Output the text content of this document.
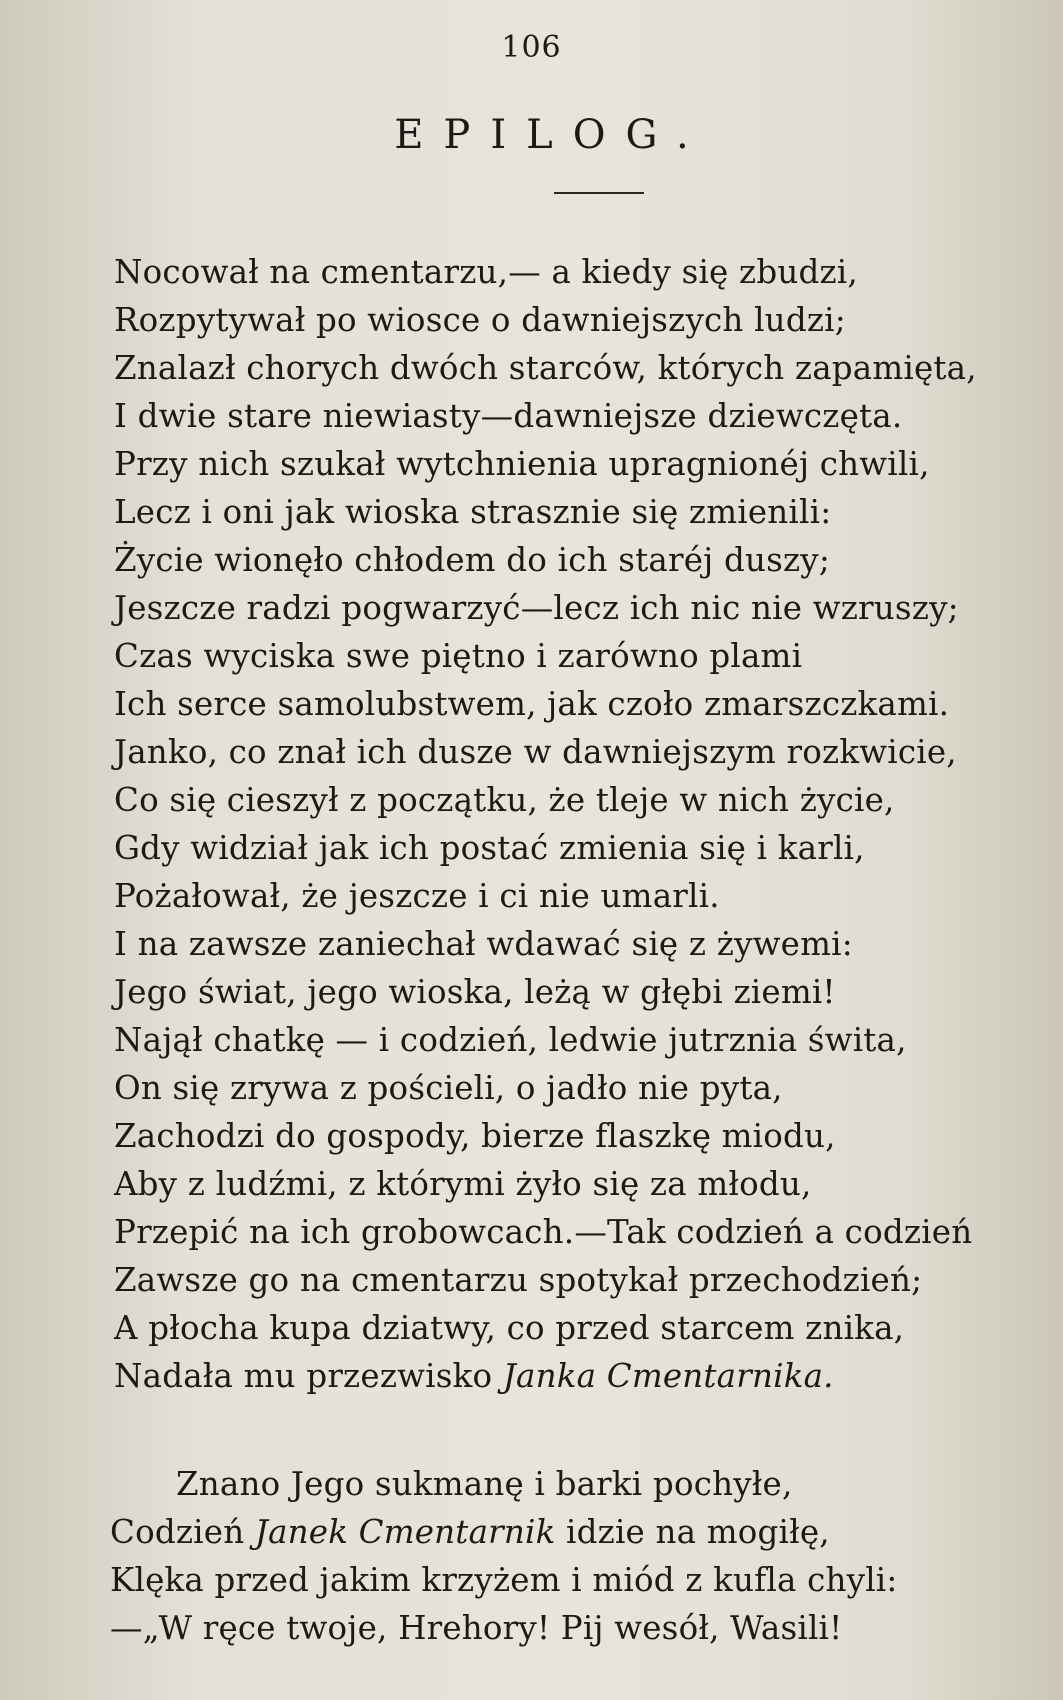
106
EPILOG.
Nocował na cmentarzu,— a kiedy się zbudzi,
Rozpytywał po wiosce o dawniejszych ludzi;
Znalazł chorych dwóch starców, których zapamięta,
I dwie stare niewiasty—dawniejsze dziewczęta.
Przy nich szukał wytchnienia upragnionéj chwili,
Lecz i oni jak wioska strasznie się zmienili:
Życie wionęło chłodem do ich staréj duszy;
Jeszcze radzi pogwarzyć—lecz ich nic nie wzruszy;
Czas wyciska swe piętno i zarówno plami
Ich serce samolubstwem, jak czoło zmarszczkami.
Janko, co znał ich dusze w dawniejszym rozkwicie,
Co się cieszył z początku, że tleje w nich życie,
Gdy widział jak ich postać zmienia się i karli,
Pożałował, że jeszcze i ci nie umarli.
I na zawsze zaniechał wdawać się z żywemi:
Jego świat, jego wioska, leżą w głębi ziemi!
Najął chatkę — i codzień, ledwie jutrznia świta,
On się zrywa z pościeli, o jadło nie pyta,
Zachodzi do gospody, bierze flaszkę miodu,
Aby z ludźmi, z którymi żyło się za młodu,
Przepić na ich grobowcach.—Tak codzień a codzień
Zawsze go na cmentarzu spotykał przechodzień;
A płocha kupa dziatwy, co przed starcem znika,
Nadała mu przezwisko Janka Cmentarnika.
Znano Jego sukmanę i barki pochyłe,
Codzień Janek Cmentarnik idzie na mogiłę,
Klęka przed jakim krzyżem i miód z kufla chyli:
—„W ręce twoje, Hrehory! Pij wesół, Wasili!
